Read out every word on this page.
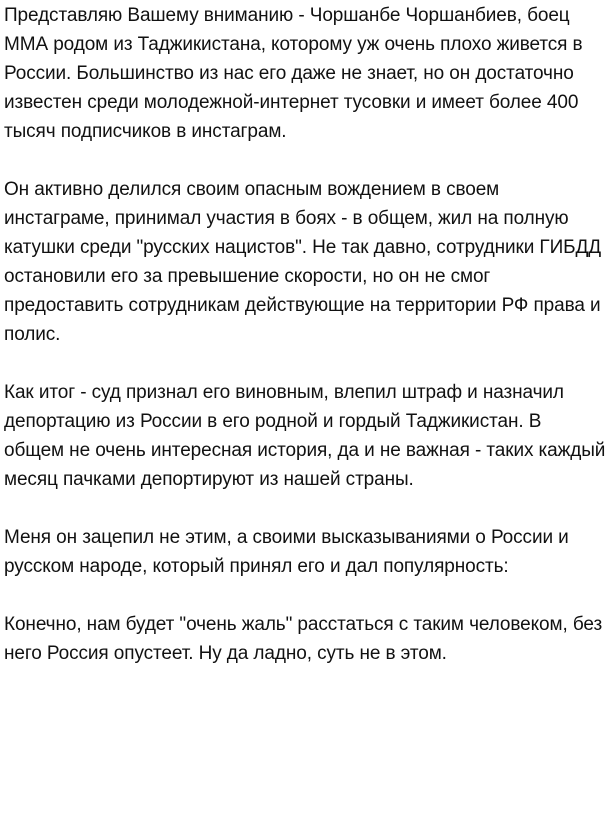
Представляю Вашему вниманию - Чоршанбе Чоршанбиев, боец ММА родом из Таджикистана, которому уж очень плохо живется в России. Большинство из нас его даже не знает, но он достаточно известен среди молодежной-интернет тусовки и имеет более 400 тысяч подписчиков в инстаграм.

Он активно делился своим опасным вождением в своем инстаграме, принимал участия в боях - в общем, жил на полную катушки среди "русских нацистов". Не так давно, сотрудники ГИБДД остановили его за превышение скорости, но он не смог предоставить сотрудникам действующие на территории РФ права и полис.

Как итог - суд признал его виновным, влепил штраф и назначил депортацию из России в его родной и гордый Таджикистан. В общем не очень интересная история, да и не важная - таких каждый месяц пачками депортируют из нашей страны.

Меня он зацепил не этим, а своими высказываниями о России и русском народе, который принял его и дал популярность:

Конечно, нам будет "очень жаль" расстаться с таким человеком, без него Россия опустеет. Ну да ладно, суть не в этом.
